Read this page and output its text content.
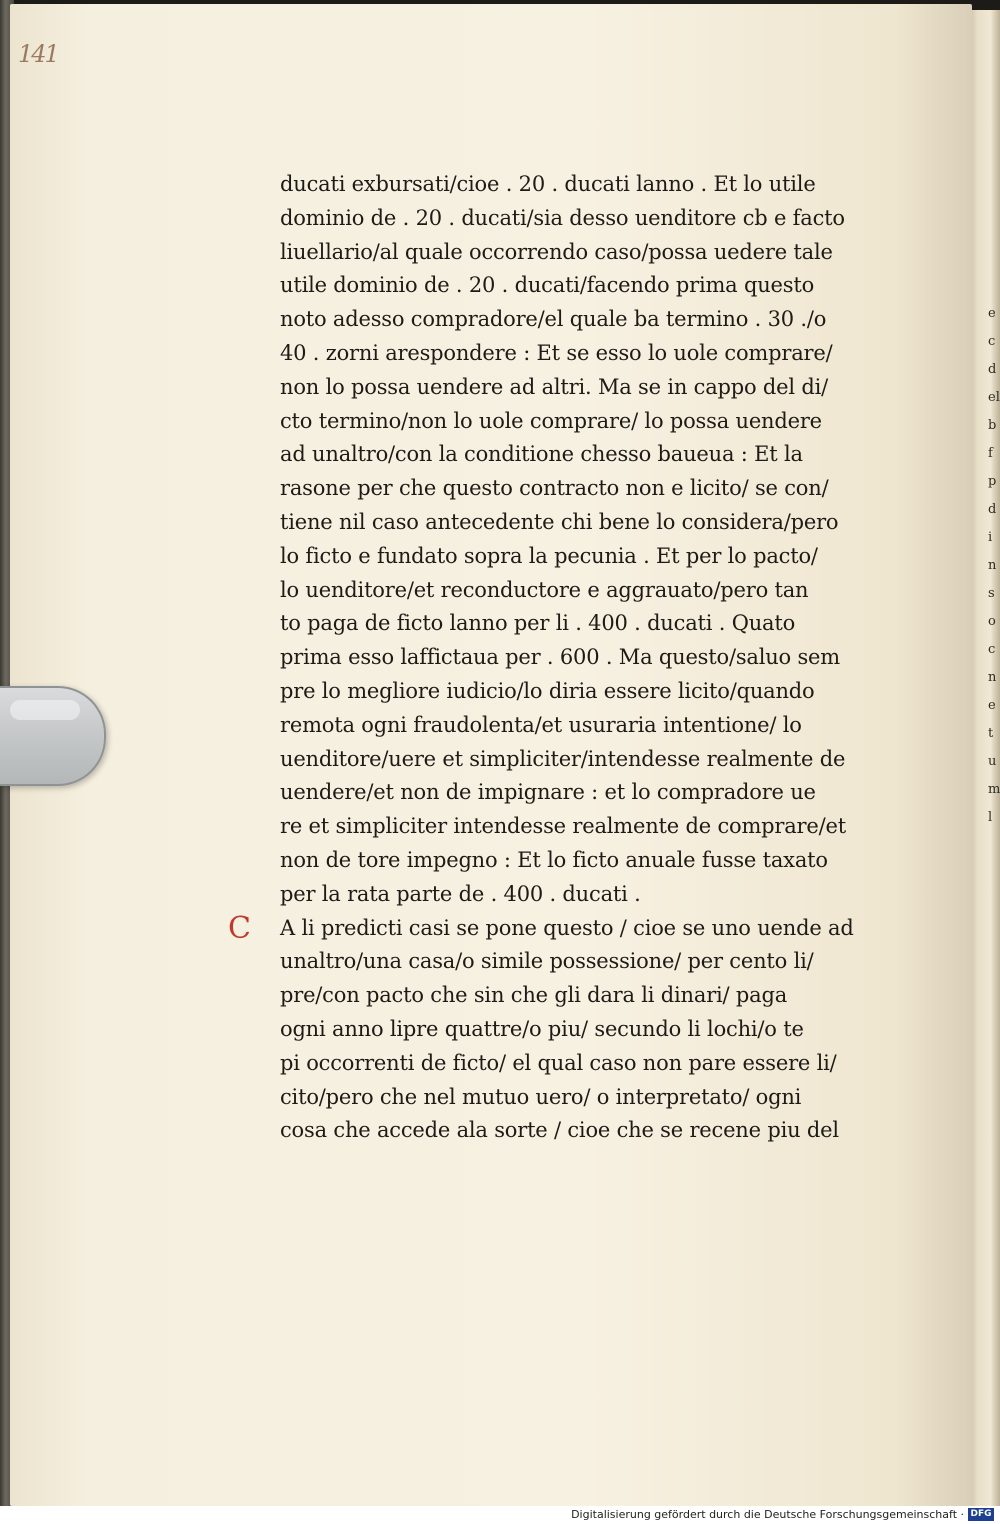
ecdelbfpdinsocnetuml
141
ducati exbursati/cioe . 20 . ducati lanno . Et lo utile
dominio de . 20 . ducati/sia desso uenditore cb e facto
liuellario/al quale occorrendo caso/possa uedere tale
utile dominio de . 20 . ducati/facendo prima questo
noto adesso compradore/el quale ba termino . 30 ./o
40 . zorni arespondere : Et se esso lo uole comprare/
non lo possa uendere ad altri. Ma se in cappo del di/
cto termino/non lo uole comprare/ lo possa uendere
ad unaltro/con la conditione chesso baueua : Et la
rasone per che questo contracto non e licito/ se con/
tiene nil caso antecedente chi bene lo considera/pero
lo ficto e fundato sopra la pecunia . Et per lo pacto/
lo uenditore/et reconductore e aggrauato/pero tan
to paga de ficto lanno per li . 400 . ducati . Quato
prima esso laffictaua per . 600 . Ma questo/saluo sem
pre lo megliore iudicio/lo diria essere licito/quando
remota ogni fraudolenta/et usuraria intentione/ lo
uenditore/uere et simpliciter/intendesse realmente de
uendere/et non de impignare : et lo compradore ue
re et simpliciter intendesse realmente de comprare/et
non de tore impegno : Et lo ficto anuale fusse taxato
per la rata parte de . 400 . ducati .
C A li predicti casi se pone questo / cioe se uno uende ad
unaltro/una casa/o simile possessione/ per cento li/
pre/con pacto che sin che gli dara li dinari/ paga
ogni anno lipre quattre/o piu/ secundo li lochi/o te
pi occorrenti de ficto/ el qual caso non pare essere li/
cito/pero che nel mutuo uero/ o interpretato/ ogni
cosa che accede ala sorte / cioe che se recene piu del
Digitalisierung gefördert durch die Deutsche Forschungsgemeinschaft · DFG
